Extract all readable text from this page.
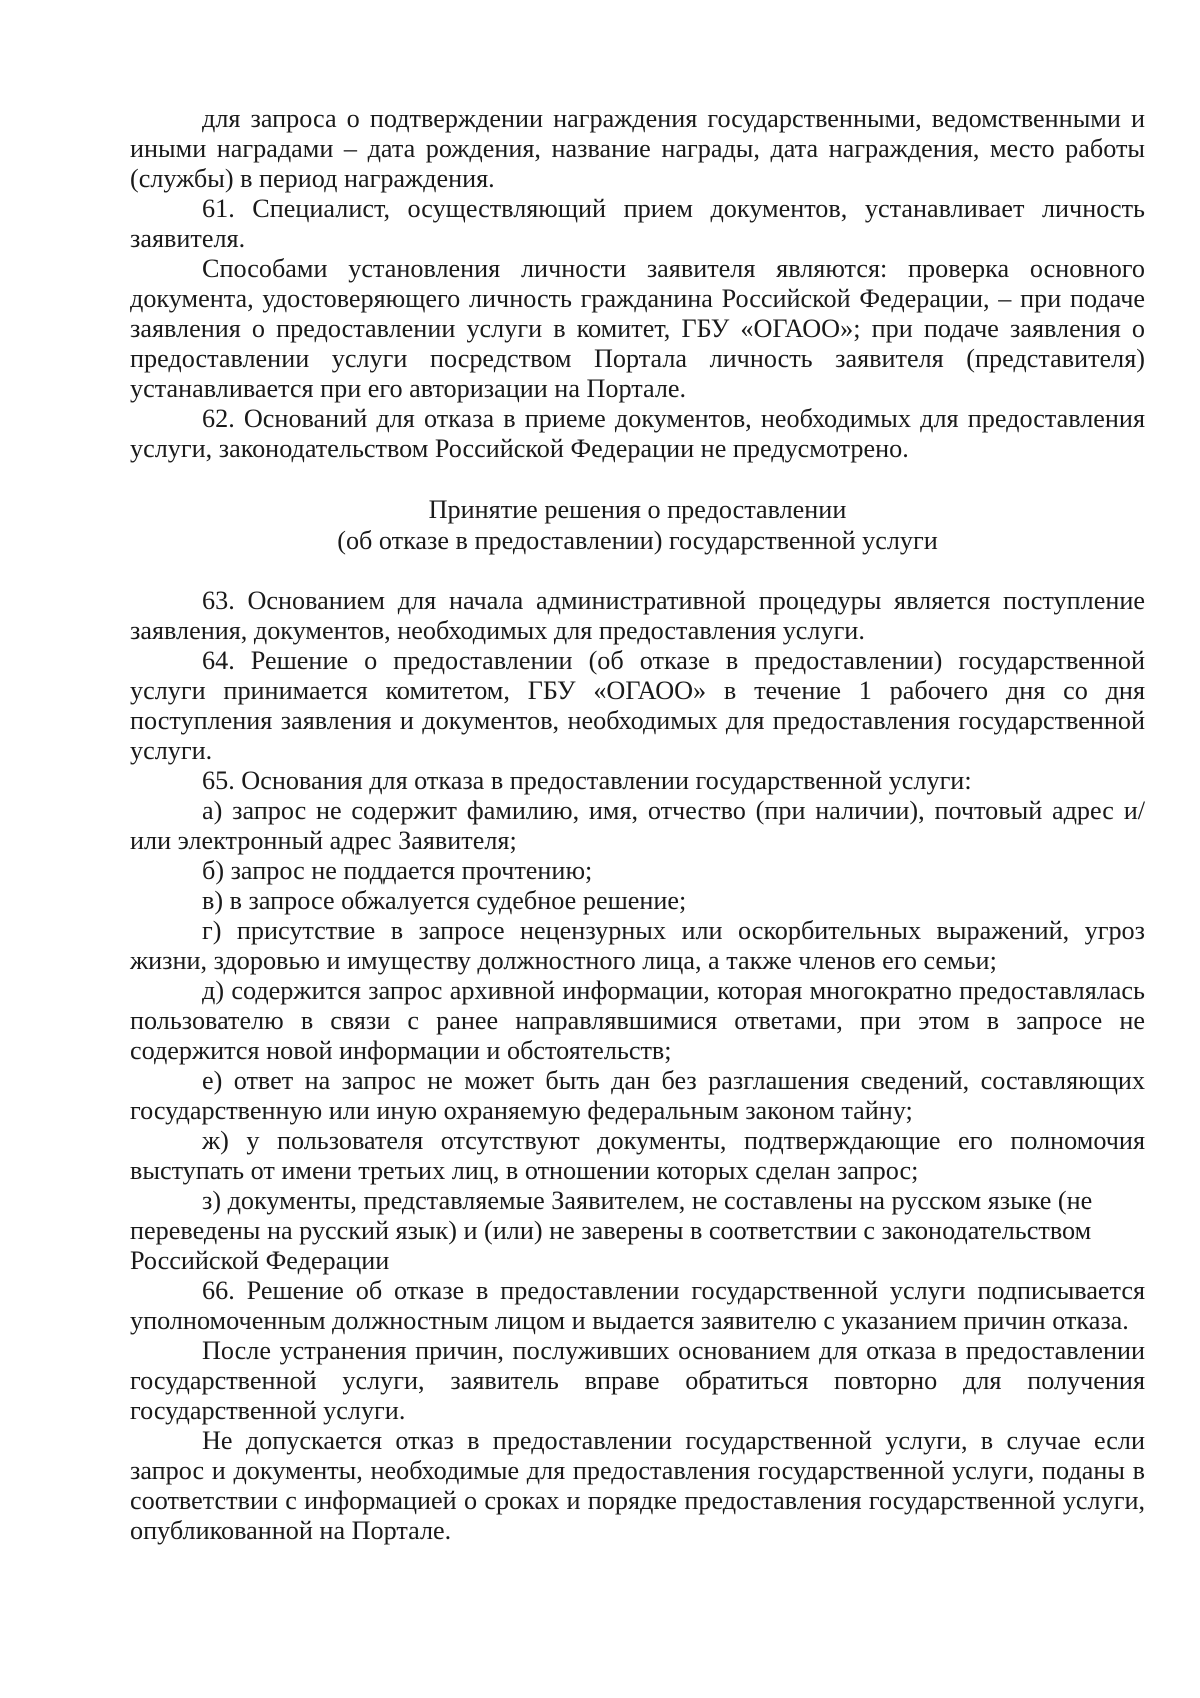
для запроса о подтверждении награждения государственными, ведомственными и иными наградами – дата рождения, название награды, дата награждения, место работы (службы) в период награждения.

61. Специалист, осуществляющий прием документов, устанавливает личность заявителя.

Способами установления личности заявителя являются: проверка основного документа, удостоверяющего личность гражданина Российской Федерации, – при подаче заявления о предоставлении услуги в комитет, ГБУ «ОГАОО»; при подаче заявления о предоставлении услуги посредством Портала личность заявителя (представителя) устанавливается при его авторизации на Портале.

62. Оснований для отказа в приеме документов, необходимых для предоставления услуги, законодательством Российской Федерации не предусмотрено.

Принятие решения о предоставлении
(об отказе в предоставлении) государственной услуги

63. Основанием для начала административной процедуры является поступление заявления, документов, необходимых для предоставления услуги.

64. Решение о предоставлении (об отказе в предоставлении) государственной услуги принимается комитетом, ГБУ «ОГАОО» в течение 1 рабочего дня со дня поступления заявления и документов, необходимых для предоставления государственной услуги.

65. Основания для отказа в предоставлении государственной услуги:

а) запрос не содержит фамилию, имя, отчество (при наличии), почтовый адрес и/или электронный адрес Заявителя;

б) запрос не поддается прочтению;

в) в запросе обжалуется судебное решение;

г) присутствие в запросе нецензурных или оскорбительных выражений, угроз жизни, здоровью и имуществу должностного лица, а также членов его семьи;

д) содержится запрос архивной информации, которая многократно предоставлялась пользователю в связи с ранее направлявшимися ответами, при этом в запросе не содержится новой информации и обстоятельств;

е) ответ на запрос не может быть дан без разглашения сведений, составляющих государственную или иную охраняемую федеральным законом тайну;

ж) у пользователя отсутствуют документы, подтверждающие его полномочия выступать от имени третьих лиц, в отношении которых сделан запрос;

з) документы, представляемые Заявителем, не составлены на русском языке (не переведены на русский язык) и (или) не заверены в соответствии с законодательством Российской Федерации

66. Решение об отказе в предоставлении государственной услуги подписывается уполномоченным должностным лицом и выдается заявителю с указанием причин отказа.

После устранения причин, послуживших основанием для отказа в предоставлении государственной услуги, заявитель вправе обратиться повторно для получения государственной услуги.

Не допускается отказ в предоставлении государственной услуги, в случае если запрос и документы, необходимые для предоставления государственной услуги, поданы в соответствии с информацией о сроках и порядке предоставления государственной услуги, опубликованной на Портале.
